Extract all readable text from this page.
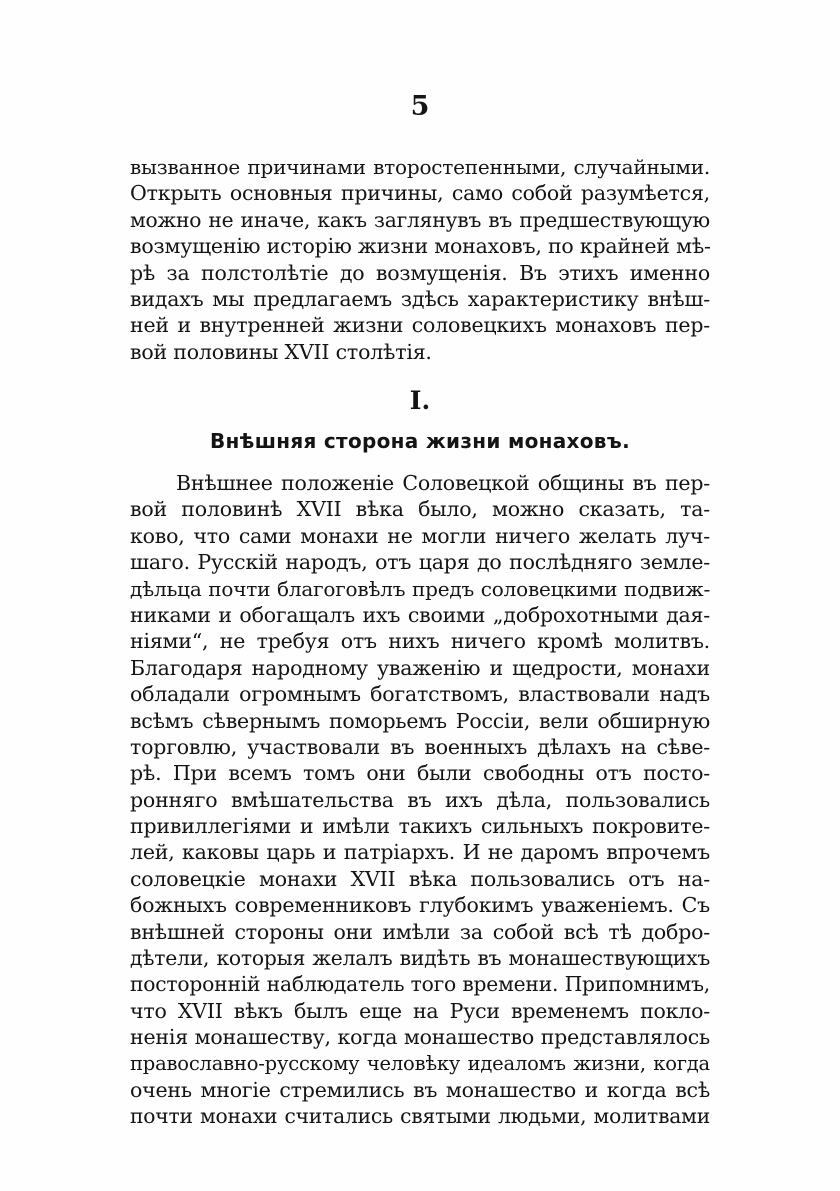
5
вызванное причинами второстепенными, случайными.
Открыть основныя причины, само собой разумѣется,
можно не иначе, какъ заглянувъ въ предшествующую
возмущенію исторію жизни монаховъ, по крайней мѣ-
рѣ за полстолѣтіе до возмущенія. Въ этихъ именно
видахъ мы предлагаемъ здѣсь характеристику внѣш-
ней и внутренней жизни соловецкихъ монаховъ пер-
вой половины XVII столѣтія.
I.
Внѣшняя сторона жизни монаховъ.
Внѣшнее положеніе Соловецкой общины въ пер-
вой половинѣ XVII вѣка было, можно сказать, та-
ково, что сами монахи не могли ничего желать луч-
шаго. Русскій народъ, отъ царя до послѣдняго земле-
дѣльца почти благоговѣлъ предъ соловецкими подвиж-
никами и обогащалъ ихъ своими „доброхотными дая-
ніями“, не требуя отъ нихъ ничего кромѣ молитвъ.
Благодаря народному уваженію и щедрости, монахи
обладали огромнымъ богатствомъ, властвовали надъ
всѣмъ сѣвернымъ поморьемъ Россіи, вели обширную
торговлю, участвовали въ военныхъ дѣлахъ на сѣве-
рѣ. При всемъ томъ они были свободны отъ посто-
ронняго вмѣшательства въ ихъ дѣла, пользовались
привиллегіями и имѣли такихъ сильныхъ покровите-
лей, каковы царь и патріархъ. И не даромъ впрочемъ
соловецкіе монахи XVII вѣка пользовались отъ на-
божныхъ современниковъ глубокимъ уваженіемъ. Съ
внѣшней стороны они имѣли за собой всѣ тѣ добро-
дѣтели, которыя желалъ видѣть въ монашествующихъ
посторонній наблюдатель того времени. Припомнимъ,
что XVII вѣкъ былъ еще на Руси временемъ покло-
ненія монашеству, когда монашество представлялось
православно-русскому человѣку идеаломъ жизни, когда
очень многіе стремились въ монашество и когда всѣ
почти монахи считались святыми людьми, молитвами
